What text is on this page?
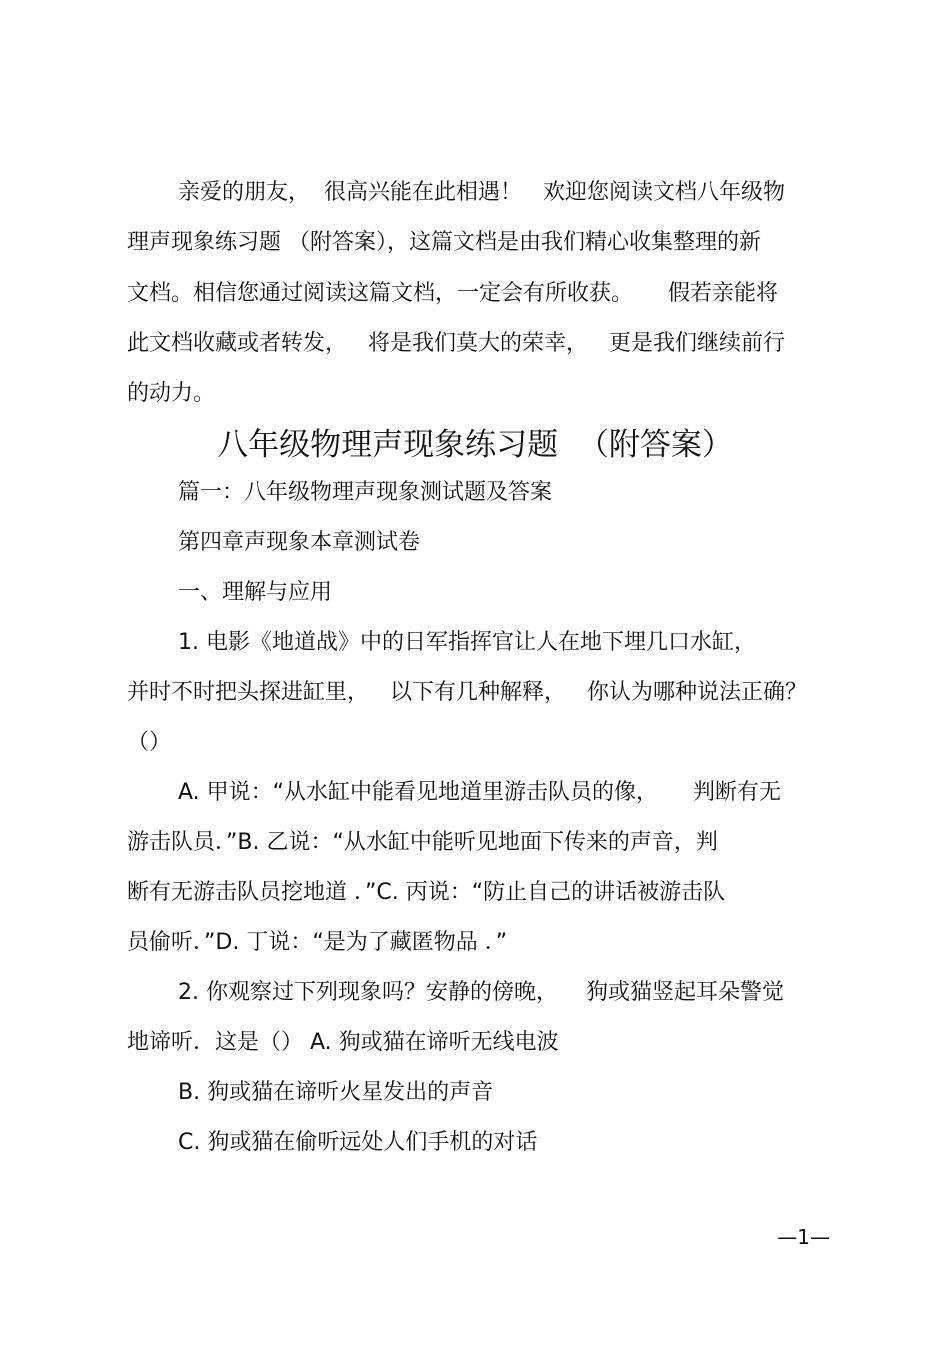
亲爱的朋友，  很高兴能在此相遇！   欢迎您阅读文档八年级物
理声现象练习题 （附答案），这篇文档是由我们精心收集整理的新
文档。相信您通过阅读这篇文档，一定会有所收获。     假若亲能将
此文档收藏或者转发，   将是我们莫大的荣幸，   更是我们继续前行
的动力。
八年级物理声现象练习题  （附答案）
篇一：八年级物理声现象测试题及答案
第四章声现象本章测试卷
一、理解与应用
1. 电影《地道战》中的日军指挥官让人在地下埋几口水缸，
并时不时把头探进缸里，   以下有几种解释，   你认为哪种说法正确？
（）
A. 甲说：“从水缸中能看见地道里游击队员的像，     判断有无
游击队员．”B. 乙说：“从水缸中能听见地面下传来的声音，判
断有无游击队员挖地道 ．”C. 丙说：“防止自己的讲话被游击队
员偷听．”D. 丁说：“是为了藏匿物品 ．”
2. 你观察过下列现象吗？安静的傍晚，    狗或猫竖起耳朵警觉
地谛听．这是（） A. 狗或猫在谛听无线电波
B. 狗或猫在谛听火星发出的声音
C. 狗或猫在偷听远处人们手机的对话
—1—
